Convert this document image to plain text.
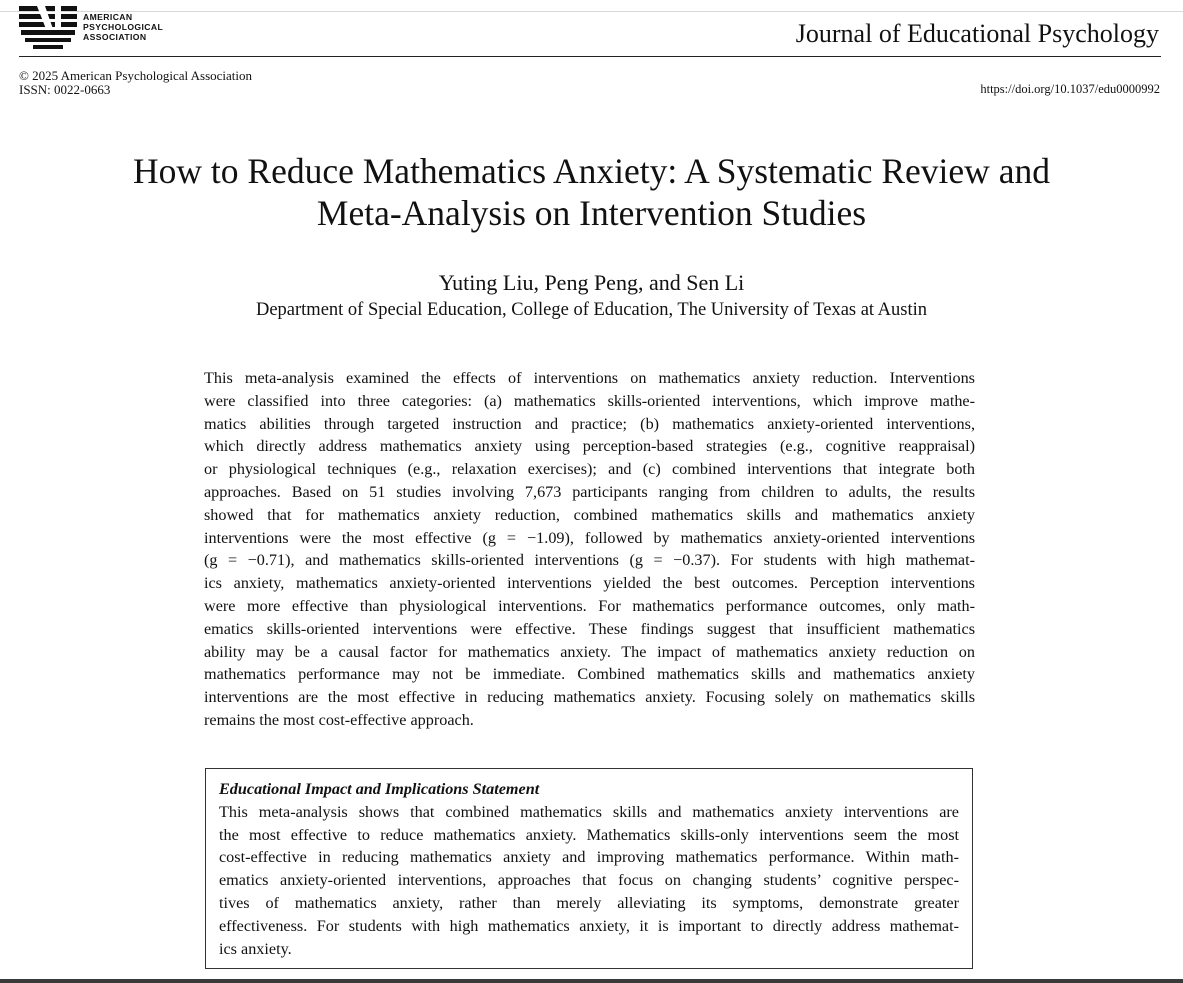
AMERICAN
PSYCHOLOGICAL
ASSOCIATION	Journal of Educational Psychology
© 2025 American Psychological Association
ISSN: 0022-0663	https://doi.org/10.1037/edu0000992
How to Reduce Mathematics Anxiety: A Systematic Review and
Meta-Analysis on Intervention Studies
Yuting Liu, Peng Peng, and Sen Li
Department of Special Education, College of Education, The University of Texas at Austin
This meta-analysis examined the effects of interventions on mathematics anxiety reduction. Interventions
were classified into three categories: (a) mathematics skills-oriented interventions, which improve mathe-
matics abilities through targeted instruction and practice; (b) mathematics anxiety-oriented interventions,
which directly address mathematics anxiety using perception-based strategies (e.g., cognitive reappraisal)
or physiological techniques (e.g., relaxation exercises); and (c) combined interventions that integrate both
approaches. Based on 51 studies involving 7,673 participants ranging from children to adults, the results
showed that for mathematics anxiety reduction, combined mathematics skills and mathematics anxiety
interventions were the most effective (g = −1.09), followed by mathematics anxiety-oriented interventions
(g = −0.71), and mathematics skills-oriented interventions (g = −0.37). For students with high mathemat-
ics anxiety, mathematics anxiety-oriented interventions yielded the best outcomes. Perception interventions
were more effective than physiological interventions. For mathematics performance outcomes, only math-
ematics skills-oriented interventions were effective. These findings suggest that insufficient mathematics
ability may be a causal factor for mathematics anxiety. The impact of mathematics anxiety reduction on
mathematics performance may not be immediate. Combined mathematics skills and mathematics anxiety
interventions are the most effective in reducing mathematics anxiety. Focusing solely on mathematics skills
remains the most cost-effective approach.
Educational Impact and Implications Statement
This meta-analysis shows that combined mathematics skills and mathematics anxiety interventions are
the most effective to reduce mathematics anxiety. Mathematics skills-only interventions seem the most
cost-effective in reducing mathematics anxiety and improving mathematics performance. Within math-
ematics anxiety-oriented interventions, approaches that focus on changing students’ cognitive perspec-
tives of mathematics anxiety, rather than merely alleviating its symptoms, demonstrate greater
effectiveness. For students with high mathematics anxiety, it is important to directly address mathemat-
ics anxiety.
